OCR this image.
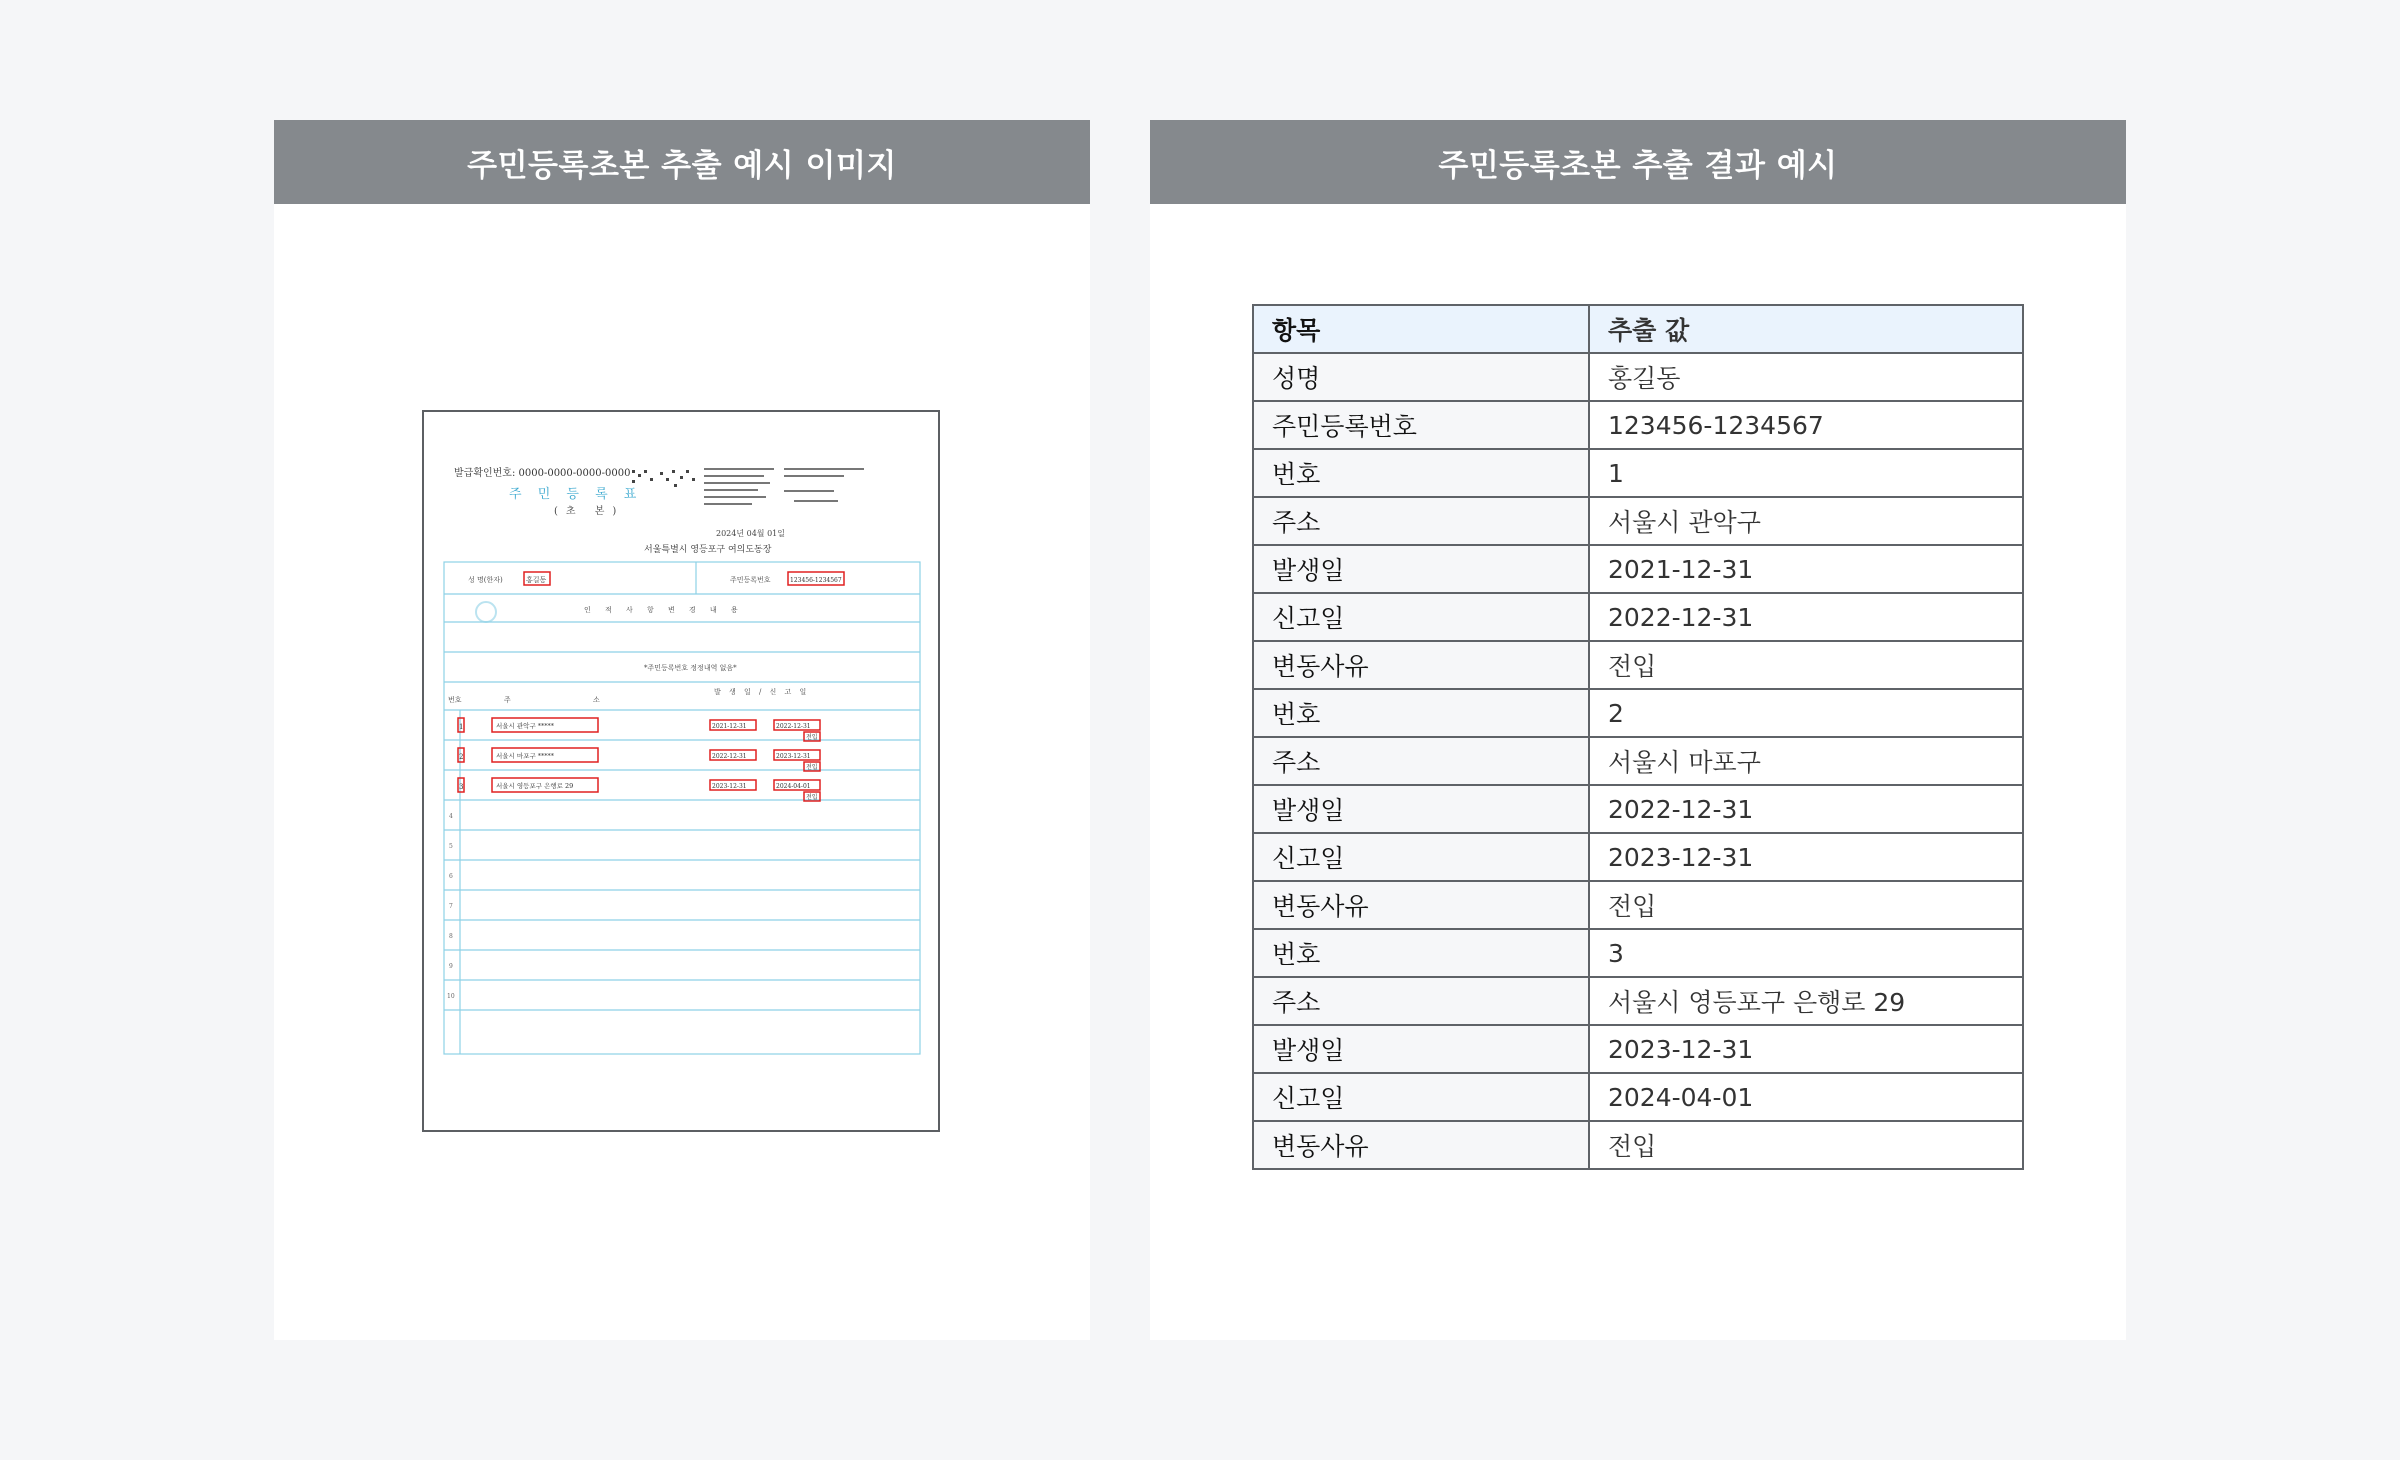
주민등록초본 추출 예시 이미지
발급확인번호: 0000-0000-0000-0000
주 민 등 록 표
(초 본)
2024년 04월 01일
서울특별시 영등포구 여의도동장
성 명(한자)	홍길동	주민등록번호	123456-1234567
인 적 사 항 변 경 내 용
*주민등록번호 정정내역 없음*
번호	주 소
발 생 일 / 신 고 일
1	서울시 관악구 *****	2021-12-31	2022-12-31
전입
2	서울시 마포구 *****	2022-12-31	2023-12-31
전입
3	서울시 영등포구 은행로 29	2023-12-31	2024-04-01
전입
4
5
6
7
8
9
10
주민등록초본 추출 결과 예시
항목	추출 값
성명	홍길동
주민등록번호	123456-1234567
번호	1
주소	서울시 관악구
발생일	2021-12-31
신고일	2022-12-31
변동사유	전입
번호	2
주소	서울시 마포구
발생일	2022-12-31
신고일	2023-12-31
변동사유	전입
번호	3
주소	서울시 영등포구 은행로 29
발생일	2023-12-31
신고일	2024-04-01
변동사유	전입
